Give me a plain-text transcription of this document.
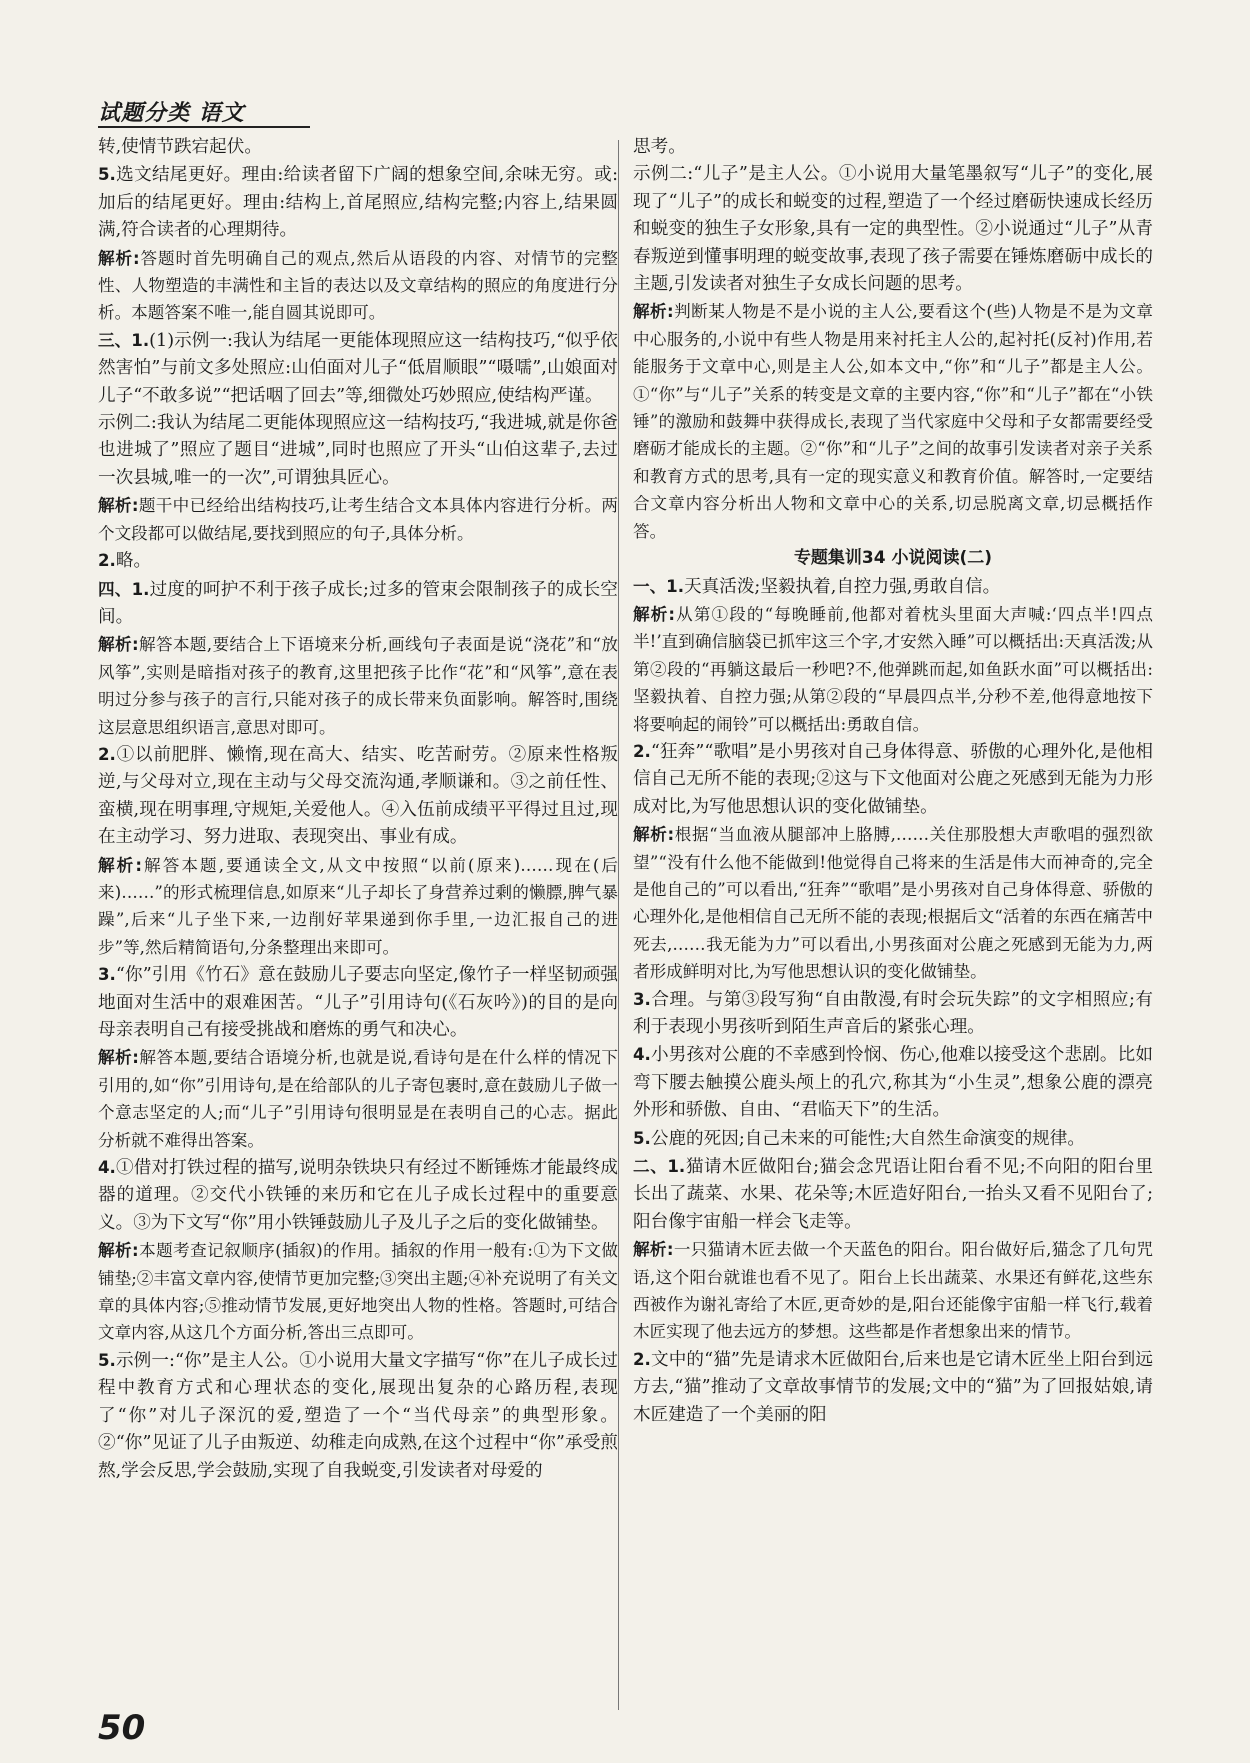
试题分类 语文

转,使情节跌宕起伏。

5.选文结尾更好。理由:给读者留下广阔的想象空间,余味无穷。或:加后的结尾更好。理由:结构上,首尾照应,结构完整;内容上,结果圆满,符合读者的心理期待。

解析:答题时首先明确自己的观点,然后从语段的内容、对情节的完整性、人物塑造的丰满性和主旨的表达以及文章结构的照应的角度进行分析。本题答案不唯一,能自圆其说即可。

三、1.(1)示例一:我认为结尾一更能体现照应这一结构技巧,“似乎依然害怕”与前文多处照应:山伯面对儿子“低眉顺眼”“嗫嚅”,山娘面对儿子“不敢多说”“把话咽了回去”等,细微处巧妙照应,使结构严谨。

示例二:我认为结尾二更能体现照应这一结构技巧,“我进城,就是你爸也进城了”照应了题目“进城”,同时也照应了开头“山伯这辈子,去过一次县城,唯一的一次”,可谓独具匠心。

解析:题干中已经给出结构技巧,让考生结合文本具体内容进行分析。两个文段都可以做结尾,要找到照应的句子,具体分析。

2.略。

四、1.过度的呵护不利于孩子成长;过多的管束会限制孩子的成长空间。

解析:解答本题,要结合上下语境来分析,画线句子表面是说“浇花”和“放风筝”,实则是暗指对孩子的教育,这里把孩子比作“花”和“风筝”,意在表明过分参与孩子的言行,只能对孩子的成长带来负面影响。解答时,围绕这层意思组织语言,意思对即可。

2.①以前肥胖、懒惰,现在高大、结实、吃苦耐劳。②原来性格叛逆,与父母对立,现在主动与父母交流沟通,孝顺谦和。③之前任性、蛮横,现在明事理,守规矩,关爱他人。④入伍前成绩平平得过且过,现在主动学习、努力进取、表现突出、事业有成。

解析:解答本题,要通读全文,从文中按照“以前(原来)……现在(后来)……”的形式梳理信息,如原来“儿子却长了身营养过剩的懒膘,脾气暴躁”,后来“儿子坐下来,一边削好苹果递到你手里,一边汇报自己的进步”等,然后精简语句,分条整理出来即可。

3.“你”引用《竹石》意在鼓励儿子要志向坚定,像竹子一样坚韧顽强地面对生活中的艰难困苦。“儿子”引用诗句(《石灰吟》)的目的是向母亲表明自己有接受挑战和磨炼的勇气和决心。

解析:解答本题,要结合语境分析,也就是说,看诗句是在什么样的情况下引用的,如“你”引用诗句,是在给部队的儿子寄包裹时,意在鼓励儿子做一个意志坚定的人;而“儿子”引用诗句很明显是在表明自己的心志。据此分析就不难得出答案。

4.①借对打铁过程的描写,说明杂铁块只有经过不断锤炼才能最终成器的道理。②交代小铁锤的来历和它在儿子成长过程中的重要意义。③为下文写“你”用小铁锤鼓励儿子及儿子之后的变化做铺垫。

解析:本题考查记叙顺序(插叙)的作用。插叙的作用一般有:①为下文做铺垫;②丰富文章内容,使情节更加完整;③突出主题;④补充说明了有关文章的具体内容;⑤推动情节发展,更好地突出人物的性格。答题时,可结合文章内容,从这几个方面分析,答出三点即可。

5.示例一:“你”是主人公。①小说用大量文字描写“你”在儿子成长过程中教育方式和心理状态的变化,展现出复杂的心路历程,表现了“你”对儿子深沉的爱,塑造了一个“当代母亲”的典型形象。②“你”见证了儿子由叛逆、幼稚走向成熟,在这个过程中“你”承受煎熬,学会反思,学会鼓励,实现了自我蜕变,引发读者对母爱的

思考。

示例二:“儿子”是主人公。①小说用大量笔墨叙写“儿子”的变化,展现了“儿子”的成长和蜕变的过程,塑造了一个经过磨砺快速成长经历和蜕变的独生子女形象,具有一定的典型性。②小说通过“儿子”从青春叛逆到懂事明理的蜕变故事,表现了孩子需要在锤炼磨砺中成长的主题,引发读者对独生子女成长问题的思考。

解析:判断某人物是不是小说的主人公,要看这个(些)人物是不是为文章中心服务的,小说中有些人物是用来衬托主人公的,起衬托(反衬)作用,若能服务于文章中心,则是主人公,如本文中,“你”和“儿子”都是主人公。①“你”与“儿子”关系的转变是文章的主要内容,“你”和“儿子”都在“小铁锤”的激励和鼓舞中获得成长,表现了当代家庭中父母和子女都需要经受磨砺才能成长的主题。②“你”和“儿子”之间的故事引发读者对亲子关系和教育方式的思考,具有一定的现实意义和教育价值。解答时,一定要结合文章内容分析出人物和文章中心的关系,切忌脱离文章,切忌概括作答。

专题集训34 小说阅读(二)

一、1.天真活泼;坚毅执着,自控力强,勇敢自信。

解析:从第①段的“每晚睡前,他都对着枕头里面大声喊:‘四点半!四点半!’直到确信脑袋已抓牢这三个字,才安然入睡”可以概括出:天真活泼;从第②段的“再躺这最后一秒吧?不,他弹跳而起,如鱼跃水面”可以概括出:坚毅执着、自控力强;从第②段的“早晨四点半,分秒不差,他得意地按下将要响起的闹铃”可以概括出:勇敢自信。

2.“狂奔”“歌唱”是小男孩对自己身体得意、骄傲的心理外化,是他相信自己无所不能的表现;②这与下文他面对公鹿之死感到无能为力形成对比,为写他思想认识的变化做铺垫。

解析:根据“当血液从腿部冲上胳膊,……关住那股想大声歌唱的强烈欲望”“没有什么他不能做到!他觉得自己将来的生活是伟大而神奇的,完全是他自己的”可以看出,“狂奔”“歌唱”是小男孩对自己身体得意、骄傲的心理外化,是他相信自己无所不能的表现;根据后文“活着的东西在痛苦中死去,……我无能为力”可以看出,小男孩面对公鹿之死感到无能为力,两者形成鲜明对比,为写他思想认识的变化做铺垫。

3.合理。与第③段写狗“自由散漫,有时会玩失踪”的文字相照应;有利于表现小男孩听到陌生声音后的紧张心理。

4.小男孩对公鹿的不幸感到怜悯、伤心,他难以接受这个悲剧。比如弯下腰去触摸公鹿头颅上的孔穴,称其为“小生灵”,想象公鹿的漂亮外形和骄傲、自由、“君临天下”的生活。

5.公鹿的死因;自己未来的可能性;大自然生命演变的规律。

二、1.猫请木匠做阳台;猫会念咒语让阳台看不见;不向阳的阳台里长出了蔬菜、水果、花朵等;木匠造好阳台,一抬头又看不见阳台了;阳台像宇宙船一样会飞走等。

解析:一只猫请木匠去做一个天蓝色的阳台。阳台做好后,猫念了几句咒语,这个阳台就谁也看不见了。阳台上长出蔬菜、水果还有鲜花,这些东西被作为谢礼寄给了木匠,更奇妙的是,阳台还能像宇宙船一样飞行,载着木匠实现了他去远方的梦想。这些都是作者想象出来的情节。

2.文中的“猫”先是请求木匠做阳台,后来也是它请木匠坐上阳台到远方去,“猫”推动了文章故事情节的发展;文中的“猫”为了回报姑娘,请木匠建造了一个美丽的阳

50
